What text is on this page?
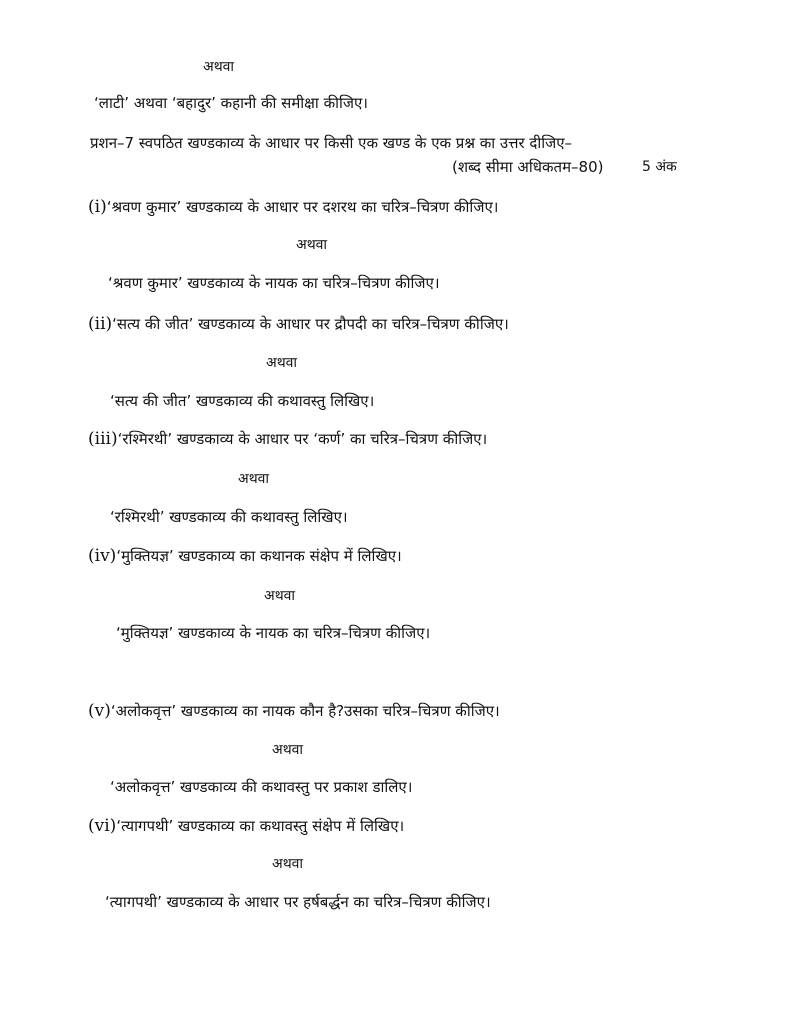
अथवा
‘लाटी’ अथवा ‘बहादुर’ कहानी की समीक्षा कीजिए।
प्रशन–7 स्वपठित खण्डकाव्य के आधार पर किसी एक खण्ड के एक प्रश्न का उत्तर दीजिए–
(शब्द सीमा अधिकतम–80)	5 अंक
(i)‘श्रवण कुमार’ खण्डकाव्य के आधार पर दशरथ का चरित्र–चित्रण कीजिए।
अथवा
‘श्रवण कुमार’ खण्डकाव्य के नायक का चरित्र–चित्रण कीजिए।
(ii)‘सत्य की जीत’ खण्डकाव्य के आधार पर द्रौपदी का चरित्र–चित्रण कीजिए।
अथवा
‘सत्य की जीत’ खण्डकाव्य की कथावस्तु लिखिए।
(iii)‘रश्मिरथी’ खण्डकाव्य के आधार पर ‘कर्ण’ का चरित्र–चित्रण कीजिए।
अथवा
‘रश्मिरथी’ खण्डकाव्य की कथावस्तु लिखिए।
(iv)‘मुक्तियज्ञ’ खण्डकाव्य का कथानक संक्षेप में लिखिए।
अथवा
‘मुक्तियज्ञ’ खण्डकाव्य के नायक का चरित्र–चित्रण कीजिए।
(v)‘अलोकवृत्त’ खण्डकाव्य का नायक कौन है?उसका चरित्र–चित्रण कीजिए।
अथवा
‘अलोकवृत्त’ खण्डकाव्य की कथावस्तु पर प्रकाश डालिए।
(vi)‘त्यागपथी’ खण्डकाव्य का कथावस्तु संक्षेप में लिखिए।
अथवा
‘त्यागपथी’ खण्डकाव्य के आधार पर हर्षबर्द्धन का चरित्र–चित्रण कीजिए।
